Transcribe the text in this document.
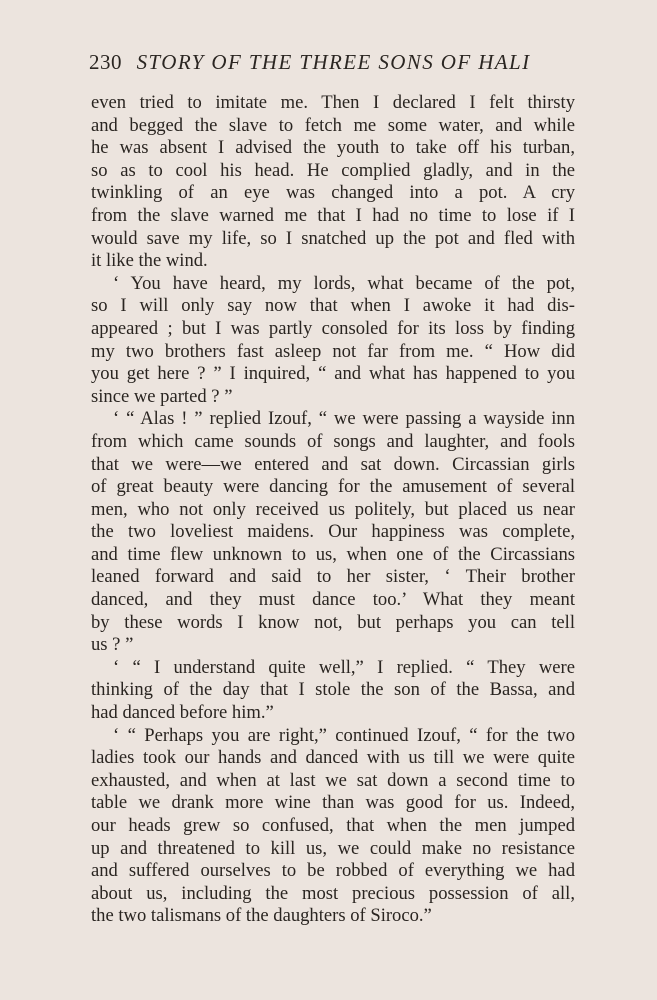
230 STORY OF THE THREE SONS OF HALI
even tried to imitate me. Then I declared I felt thirsty
and begged the slave to fetch me some water, and while
he was absent I advised the youth to take off his turban,
so as to cool his head. He complied gladly, and in the
twinkling of an eye was changed into a pot. A cry
from the slave warned me that I had no time to lose if I
would save my life, so I snatched up the pot and fled with
it like the wind.
‘ You have heard, my lords, what became of the pot,
so I will only say now that when I awoke it had dis-
appeared ; but I was partly consoled for its loss by finding
my two brothers fast asleep not far from me. “ How did
you get here ? ” I inquired, “ and what has happened to you
since we parted ? ”
‘ “ Alas ! ” replied Izouf, “ we were passing a wayside inn
from which came sounds of songs and laughter, and fools
that we were—we entered and sat down. Circassian girls
of great beauty were dancing for the amusement of several
men, who not only received us politely, but placed us near
the two loveliest maidens. Our happiness was complete,
and time flew unknown to us, when one of the Circassians
leaned forward and said to her sister, ‘ Their brother
danced, and they must dance too.’ What they meant
by these words I know not, but perhaps you can tell
us ? ”
‘ “ I understand quite well,” I replied. “ They were
thinking of the day that I stole the son of the Bassa, and
had danced before him.”
‘ “ Perhaps you are right,” continued Izouf, “ for the two
ladies took our hands and danced with us till we were quite
exhausted, and when at last we sat down a second time to
table we drank more wine than was good for us. Indeed,
our heads grew so confused, that when the men jumped
up and threatened to kill us, we could make no resistance
and suffered ourselves to be robbed of everything we had
about us, including the most precious possession of all,
the two talismans of the daughters of Siroco.”
